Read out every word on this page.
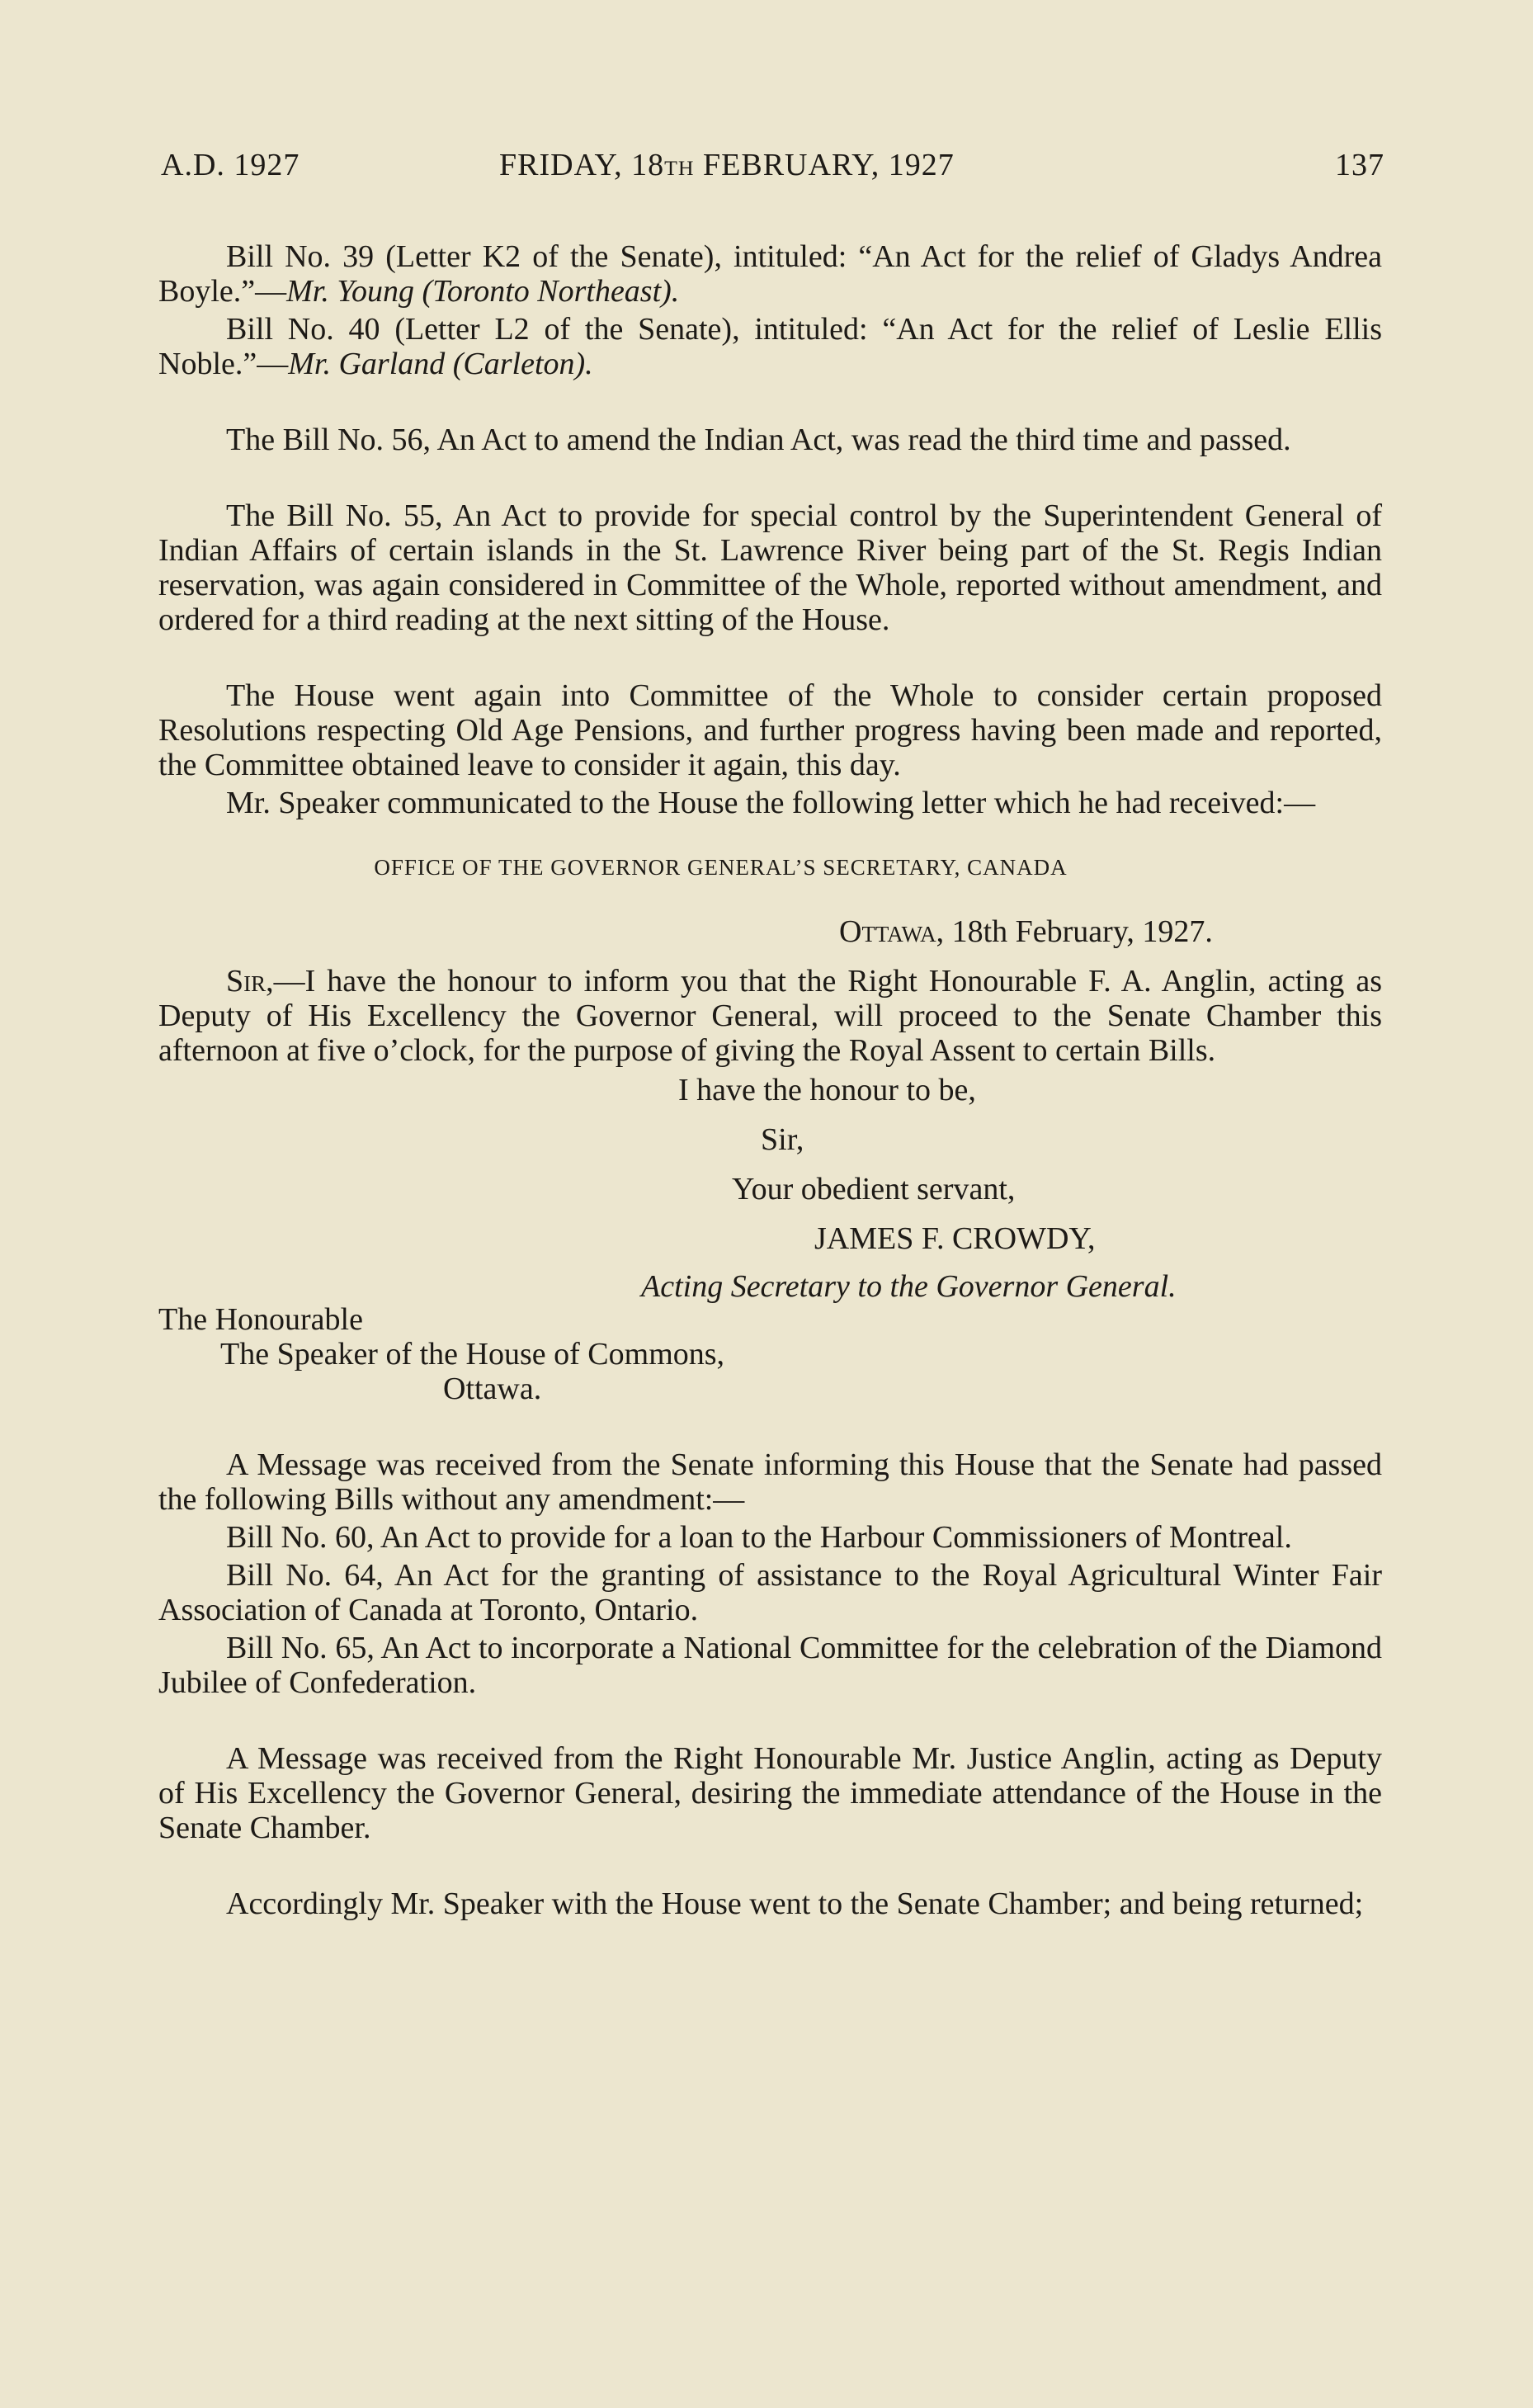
A.D. 1927	FRIDAY, 18TH FEBRUARY, 1927	137

Bill No. 39 (Letter K2 of the Senate), intituled: “An Act for the relief of Gladys Andrea Boyle.”—Mr. Young (Toronto Northeast).

Bill No. 40 (Letter L2 of the Senate), intituled: “An Act for the relief of Leslie Ellis Noble.”—Mr. Garland (Carleton).

The Bill No. 56, An Act to amend the Indian Act, was read the third time and passed.

The Bill No. 55, An Act to provide for special control by the Superintendent General of Indian Affairs of certain islands in the St. Lawrence River being part of the St. Regis Indian reservation, was again considered in Committee of the Whole, reported without amendment, and ordered for a third reading at the next sitting of the House.

The House went again into Committee of the Whole to consider certain proposed Resolutions respecting Old Age Pensions, and further progress having been made and reported, the Committee obtained leave to consider it again, this day.

Mr. Speaker communicated to the House the following letter which he had received:—

OFFICE OF THE GOVERNOR GENERAL’S SECRETARY, CANADA

Ottawa, 18th February, 1927.

Sir,—I have the honour to inform you that the Right Honourable F. A. Anglin, acting as Deputy of His Excellency the Governor General, will proceed to the Senate Chamber this afternoon at five o’clock, for the purpose of giving the Royal Assent to certain Bills.

I have the honour to be,

Sir,

Your obedient servant,

JAMES F. CROWDY,

Acting Secretary to the Governor General.

The Honourable

The Speaker of the House of Commons,

Ottawa.

A Message was received from the Senate informing this House that the Senate had passed the following Bills without any amendment:—

Bill No. 60, An Act to provide for a loan to the Harbour Commissioners of Montreal.

Bill No. 64, An Act for the granting of assistance to the Royal Agricultural Winter Fair Association of Canada at Toronto, Ontario.

Bill No. 65, An Act to incorporate a National Committee for the celebration of the Diamond Jubilee of Confederation.

A Message was received from the Right Honourable Mr. Justice Anglin, acting as Deputy of His Excellency the Governor General, desiring the immediate attendance of the House in the Senate Chamber.

Accordingly Mr. Speaker with the House went to the Senate Chamber; and being returned;
